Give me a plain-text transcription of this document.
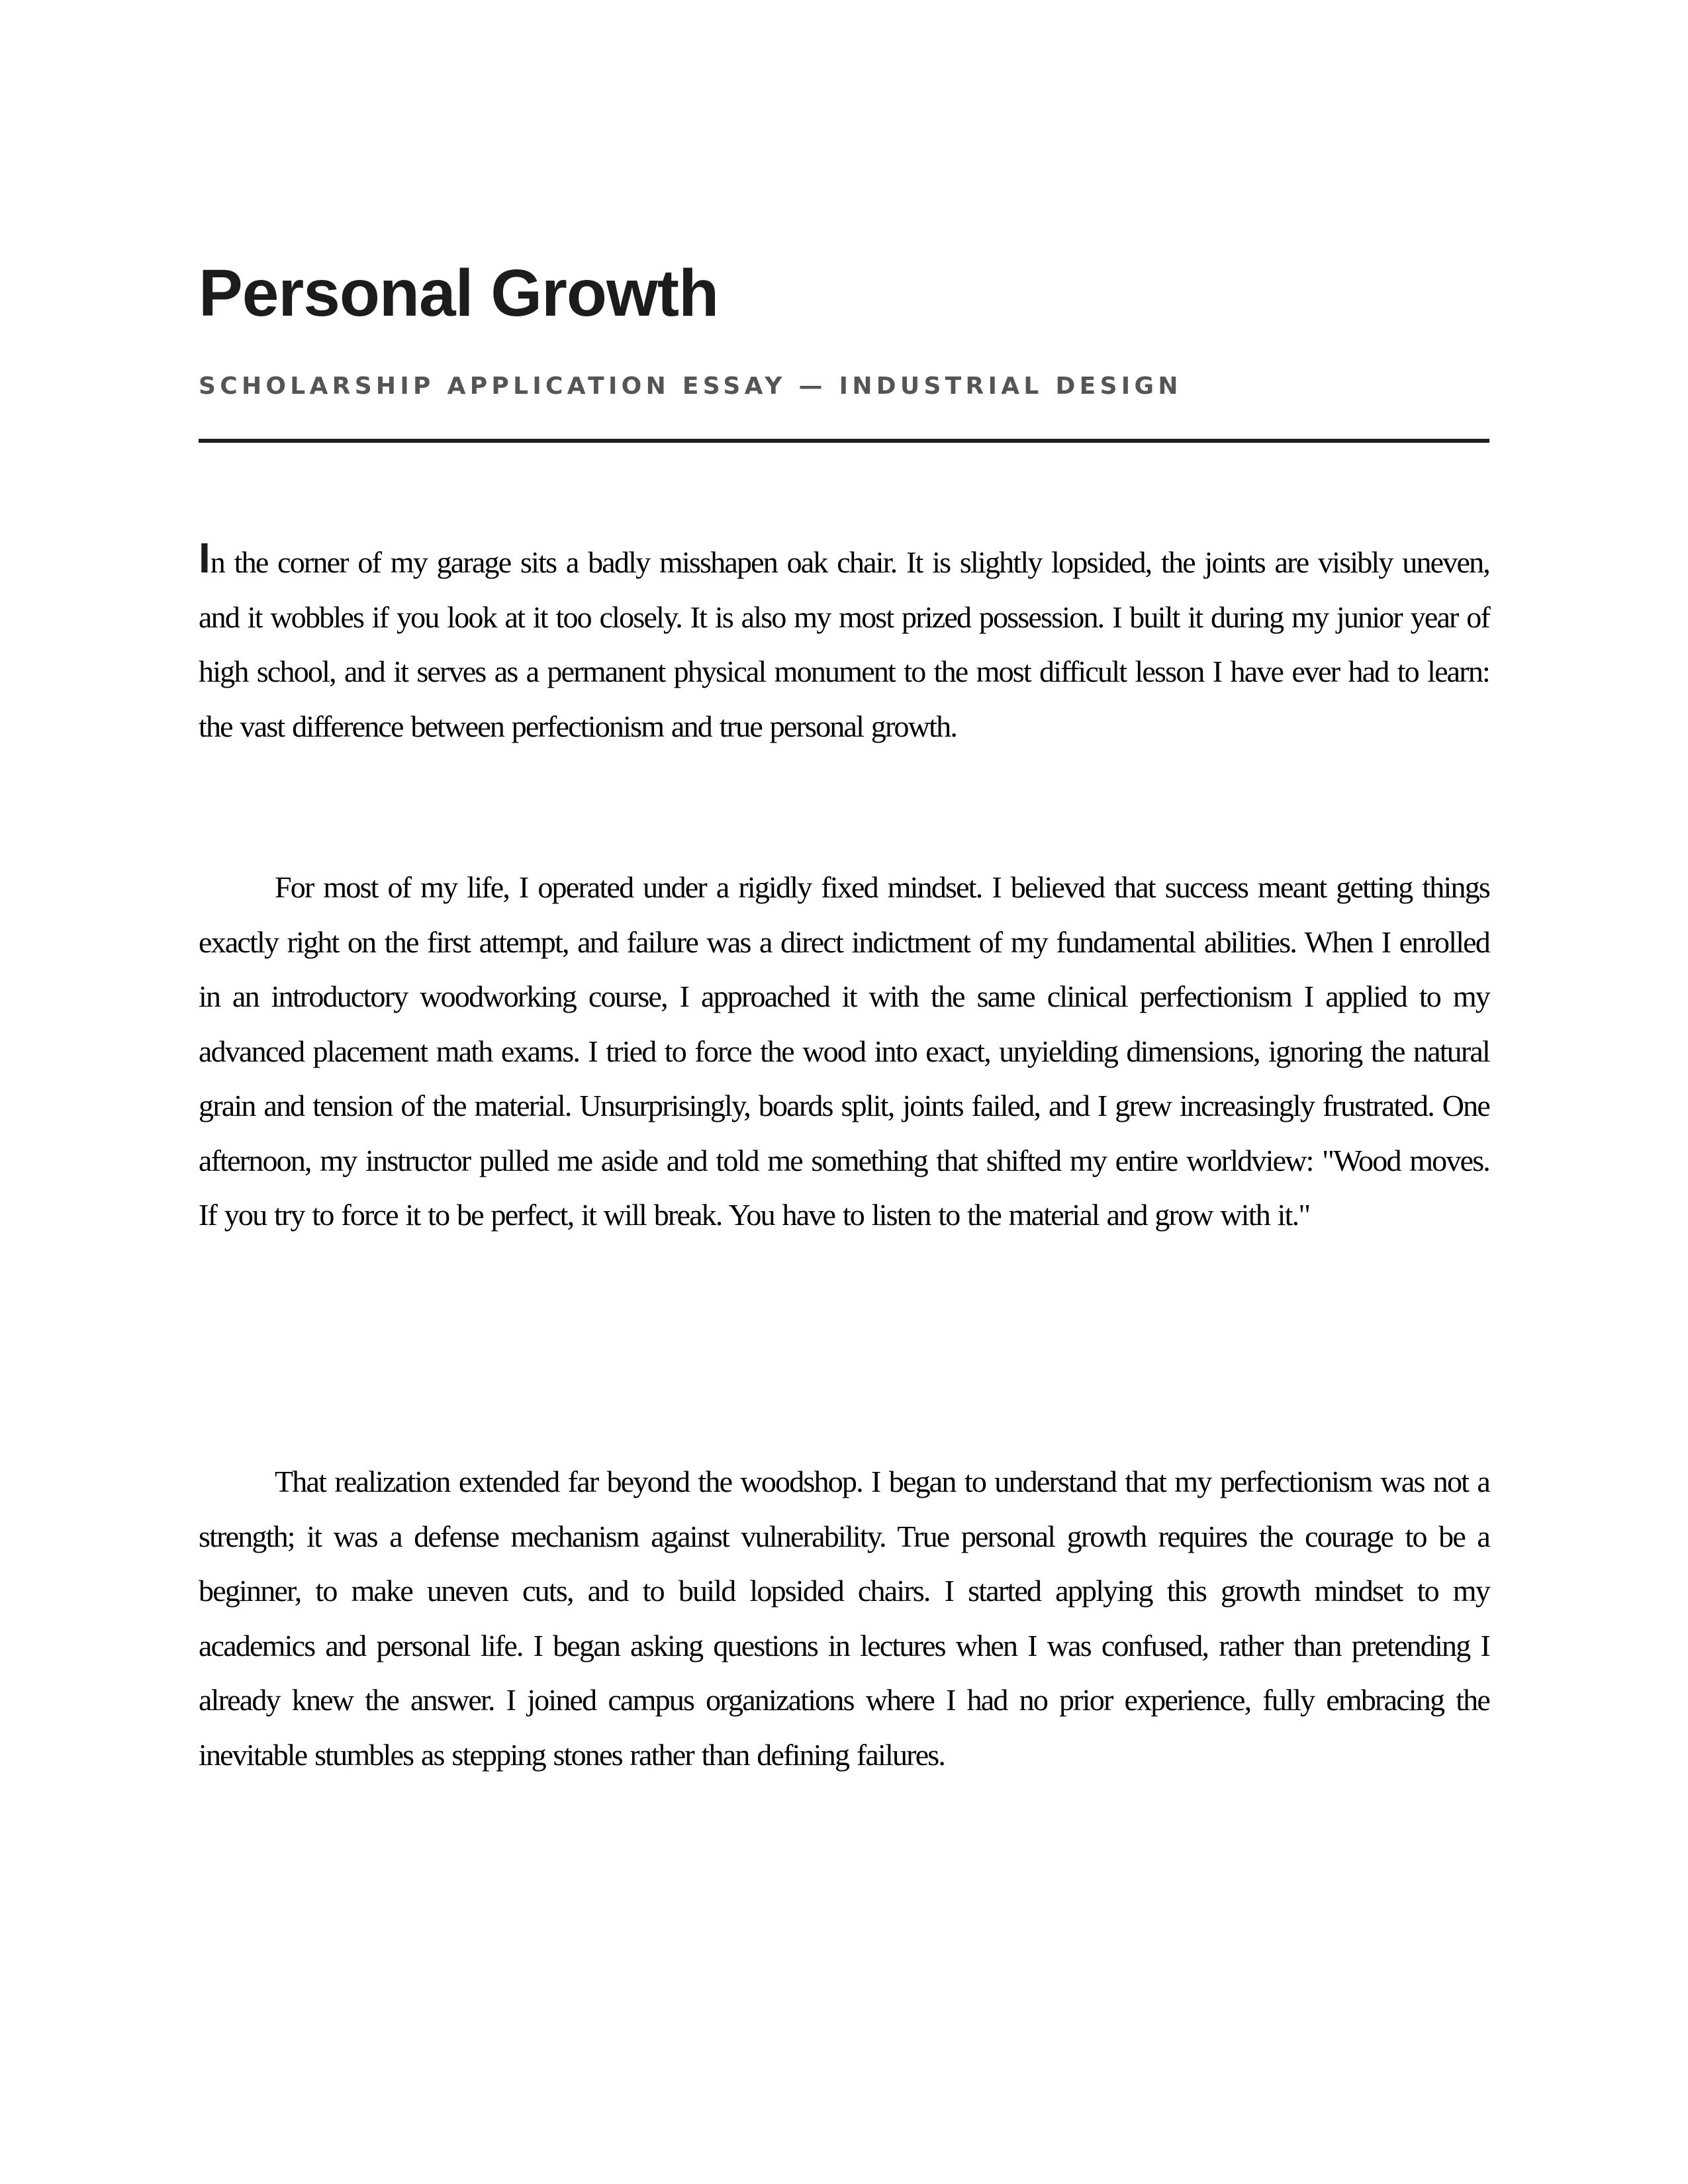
Personal Growth
SCHOLARSHIP APPLICATION ESSAY — INDUSTRIAL DESIGN

In the corner of my garage sits a badly misshapen oak chair. It is slightly lopsided, the joints are visibly uneven, and it wobbles if you look at it too closely. It is also my most prized possession. I built it during my junior year of high school, and it serves as a permanent physical monument to the most difficult lesson I have ever had to learn: the vast difference between perfectionism and true personal growth.

For most of my life, I operated under a rigidly fixed mindset. I believed that success meant getting things exactly right on the first attempt, and failure was a direct indictment of my fundamental abilities. When I enrolled in an introductory woodworking course, I approached it with the same clinical perfectionism I applied to my advanced placement math exams. I tried to force the wood into exact, unyielding dimensions, ignoring the natural grain and tension of the material. Unsurprisingly, boards split, joints failed, and I grew increasingly frustrated. One afternoon, my instructor pulled me aside and told me something that shifted my entire worldview: "Wood moves. If you try to force it to be perfect, it will break. You have to listen to the material and grow with it."

That realization extended far beyond the woodshop. I began to understand that my perfectionism was not a strength; it was a defense mechanism against vulnerability. True personal growth requires the courage to be a beginner, to make uneven cuts, and to build lopsided chairs. I started applying this growth mindset to my academics and personal life. I began asking questions in lectures when I was confused, rather than pretending I already knew the answer. I joined campus organizations where I had no prior experience, fully embracing the inevitable stumbles as stepping stones rather than defining failures.
